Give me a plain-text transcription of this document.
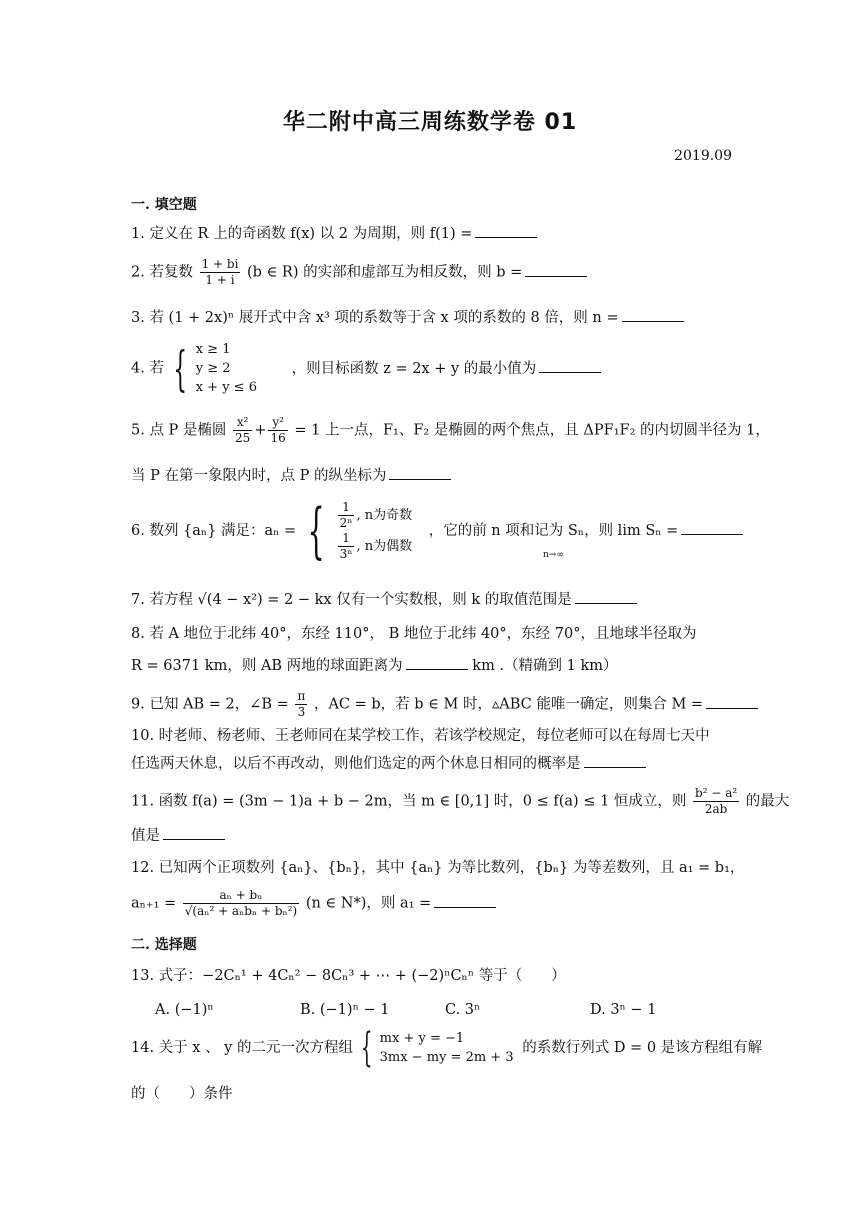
华二附中高三周练数学卷 01
2019.09
一. 填空题
1. 定义在 R 上的奇函数 f(x) 以 2 为周期，则 f(1) =
2. 若复数 $\frac{1 + bi}{1 + i} (b$ ∈ R) 的实部和虚部互为相反数，则 b =
3. 若 (1 + 2x)ⁿ 展开式中含 x³ 项的系数等于含 x 项的系数的 8 倍，则 n =
4. 若 { x ≥ 1
y ≥ 2
x + y ≤ 6
，则目标函数 z = 2x + y 的最小值为
5. 点 P 是椭圆 $\frac{\text{x²}}{25} + \frac{\text{y²}}{16} = 1$ 上一点，F₁、F₂ 是椭圆的两个焦点，且 ΔPF₁F₂ 的内切圆半径为 1，
当 P 在第一象限内时，点 P 的纵坐标为
6. 数列 {aₙ} 满足：aₙ = { $\frac{1}{\text{2ⁿ}}$ , n为奇数
$\frac{1}{\text{3ⁿ}}$ , n为偶数
，它的前 n 项和记为 Sₙ，则 lim Sₙ =
n→∞
7. 若方程 √(4 − x²) = 2 − kx 仅有一个实数根，则 k 的取值范围是
8. 若 A 地位于北纬 40°，东经 110°， B 地位于北纬 40°，东经 70°，且地球半径取为
R = 6371 km，则 AB 两地的球面距离为	km .（精确到 1 km）
9. 已知 AB = 2，∠B = $\frac{\pi}{3}$ ，AC = b，若 b ∈ M 时，▵ABC 能唯一确定，则集合 M =
10. 时老师、杨老师、王老师同在某学校工作，若该学校规定，每位老师可以在每周七天中
任选两天休息，以后不再改动，则他们选定的两个休息日相同的概率是
11. 函数 f(a) = (3m − 1)a + b − 2m，当 m ∈ [0,1] 时，0 ≤ f(a) ≤ 1 恒成立，则 $\frac{\text{b² − a²}}{2ab}$ 的最大
值是
12. 已知两个正项数列 {aₙ}、{bₙ}，其中 {aₙ} 为等比数列，{bₙ} 为等差数列，且 a₁ = b₁，
$a_{n+1} = \frac{\text{aₙ + bₙ}}{\text{√(aₙ² + aₙbₙ + bₙ²)}} (n$ ∈ N*)，则 a₁ =
二. 选择题
13. 式子：−2Cₙ¹ + 4Cₙ² − 8Cₙ³ + ⋯ + (−2)ⁿCₙⁿ 等于（　　）
A. (−1)ⁿ	B. (−1)ⁿ − 1	C. 3ⁿ	D. 3ⁿ − 1
14. 关于 x 、 y 的二元一次方程组 { mx + y = −1
3mx − my = 2m + 3
的系数行列式 D = 0 是该方程组有解
的（　　）条件
